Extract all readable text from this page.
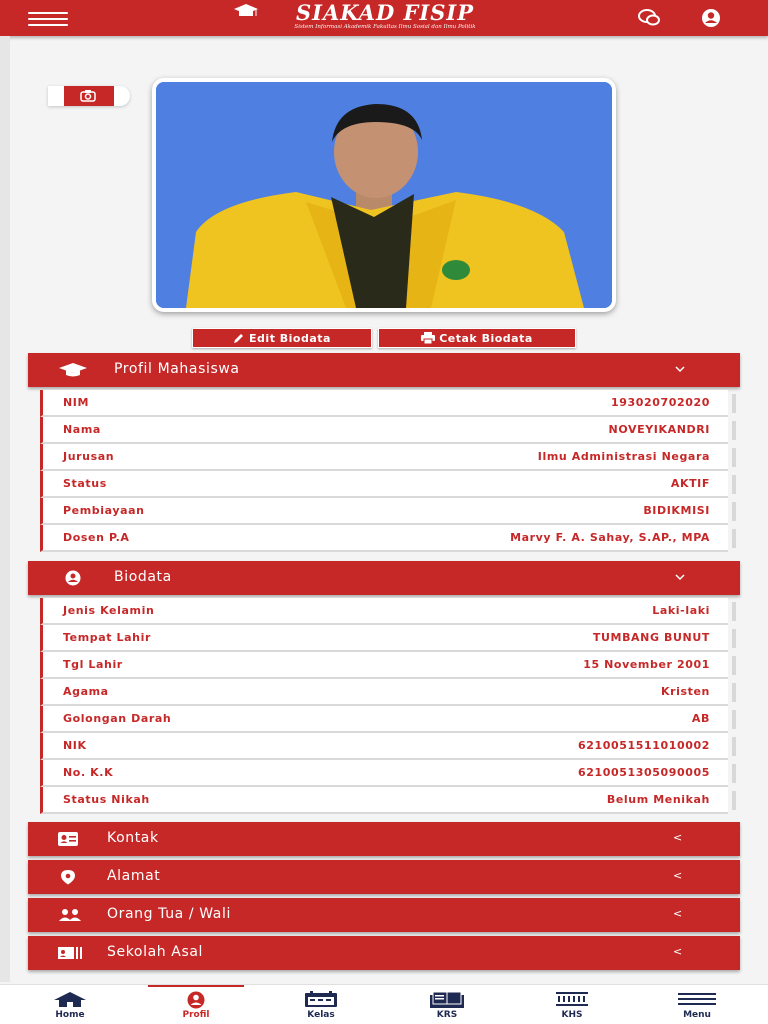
SIAKAD FISIP
Sistem Informasi Akademik Fakultas Ilmu Sosial dan Ilmu Politik
Edit Biodata	Cetak Biodata
Profil Mahasiswa
NIM	193020702020
Nama	NOVEYIKANDRI
Jurusan	Ilmu Administrasi Negara
Status	AKTIF
Pembiayaan	BIDIKMISI
Dosen P.A	Marvy F. A. Sahay, S.AP., MPA
Biodata
Jenis Kelamin	Laki-laki
Tempat Lahir	TUMBANG BUNUT
Tgl Lahir	15 November 2001
Agama	Kristen
Golongan Darah	AB
NIK	6210051511010002
No. K.K	6210051305090005
Status Nikah	Belum Menikah
Kontak	<
Alamat	<
Orang Tua / Wali	<
Sekolah Asal	<
Home	Profil	Kelas	KRS	KHS	Menu
